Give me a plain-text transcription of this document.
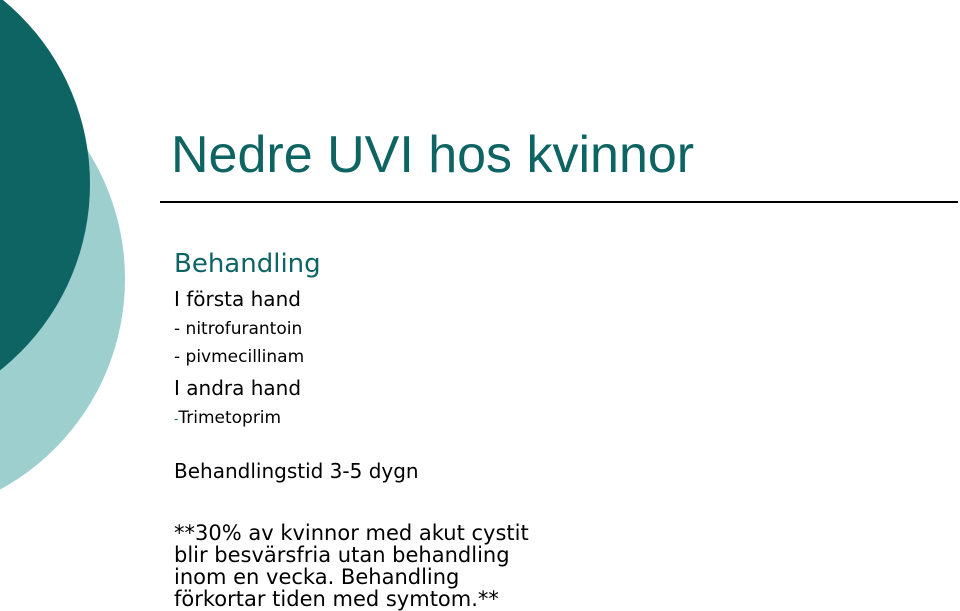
Nedre UVI hos kvinnor
Behandling
I första hand
- nitrofurantoin
- pivmecillinam
I andra hand
-Trimetoprim
Behandlingstid 3-5 dygn
**30% av kvinnor med akut cystit
blir besvärsfria utan behandling
inom en vecka. Behandling
förkortar tiden med symtom.**
